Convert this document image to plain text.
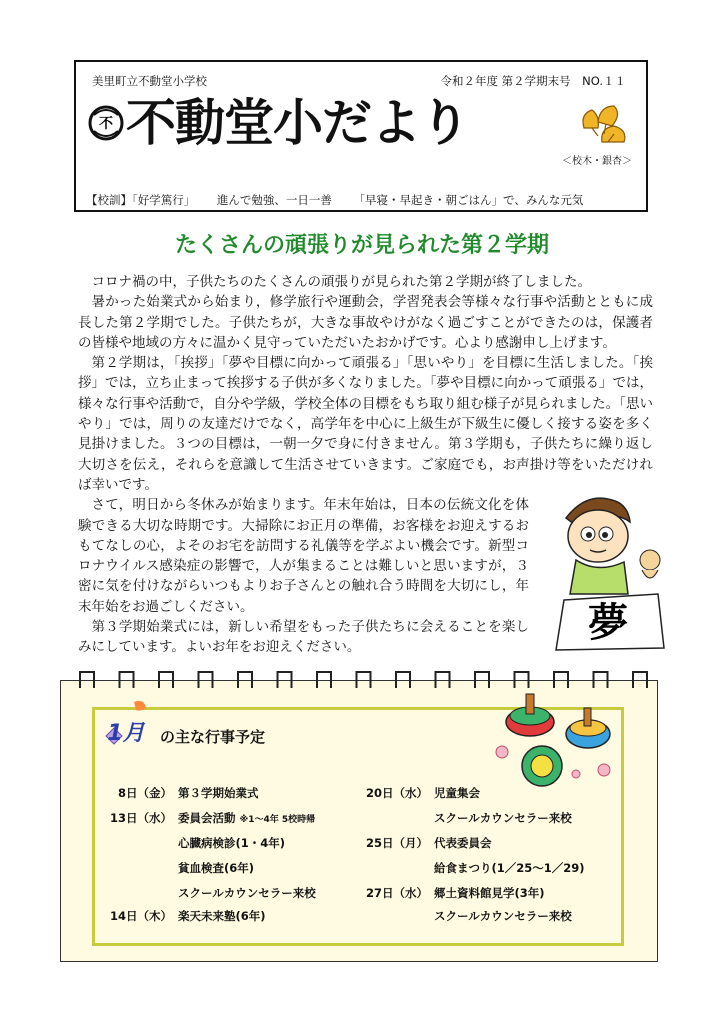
美里町立不動堂小学校	令和２年度 第２学期末号　NO.１１
不 不動堂小だより
＜校木・銀杏＞
【校訓】「好学篤行」 進んで勉強、一日一善 「早寝・早起き・朝ごはん」で、みんな元気
たくさんの頑張りが見られた第２学期

コロナ禍の中，子供たちのたくさんの頑張りが見られた第２学期が終了しました。

暑かった始業式から始まり，修学旅行や運動会，学習発表会等様々な行事や活動とともに成長した第２学期でした。子供たちが，大きな事故やけがなく過ごすことができたのは，保護者の皆様や地域の方々に温かく見守っていただいたおかげです。心より感謝申し上げます。

第２学期は，「挨拶」「夢や目標に向かって頑張る」「思いやり」を目標に生活しました。「挨拶」では，立ち止まって挨拶する子供が多くなりました。「夢や目標に向かって頑張る」では，様々な行事や活動で，自分や学級，学校全体の目標をもち取り組む様子が見られました。「思いやり」では，周りの友達だけでなく，高学年を中心に上級生が下級生に優しく接する姿を多く見掛けました。３つの目標は，一朝一夕で身に付きません。第３学期も，子供たちに繰り返し大切さを伝え，それらを意識して生活させていきます。ご家庭でも，お声掛け等をいただければ幸いです。

さて，明日から冬休みが始まります。年末年始は，日本の伝統文化を体験できる大切な時期です。大掃除にお正月の準備，お客様をお迎えするおもてなしの心，よそのお宅を訪問する礼儀等を学ぶよい機会です。新型コロナウイルス感染症の影響で，人が集まることは難しいと思いますが，３密に気を付けながらいつもよりお子さんとの触れ合う時間を大切にし，年末年始をお過ごしください。

第３学期始業式には，新しい希望をもった子供たちに会えることを楽しみにしています。よいお年をお迎えください。

夢
1月 の主な行事予定
8日（金） 第３学期始業式
13日（水） 委員会活動 ※1～4年 5校時帰
心臓病検診(1・4年)
貧血検査(6年)
スクールカウンセラー来校
14日（木） 楽天未来塾(6年)
20日（水） 児童集会
スクールカウンセラー来校
25日（月） 代表委員会
給食まつり(1／25～1／29)
27日（水） 郷土資料館見学(3年)
スクールカウンセラー来校
